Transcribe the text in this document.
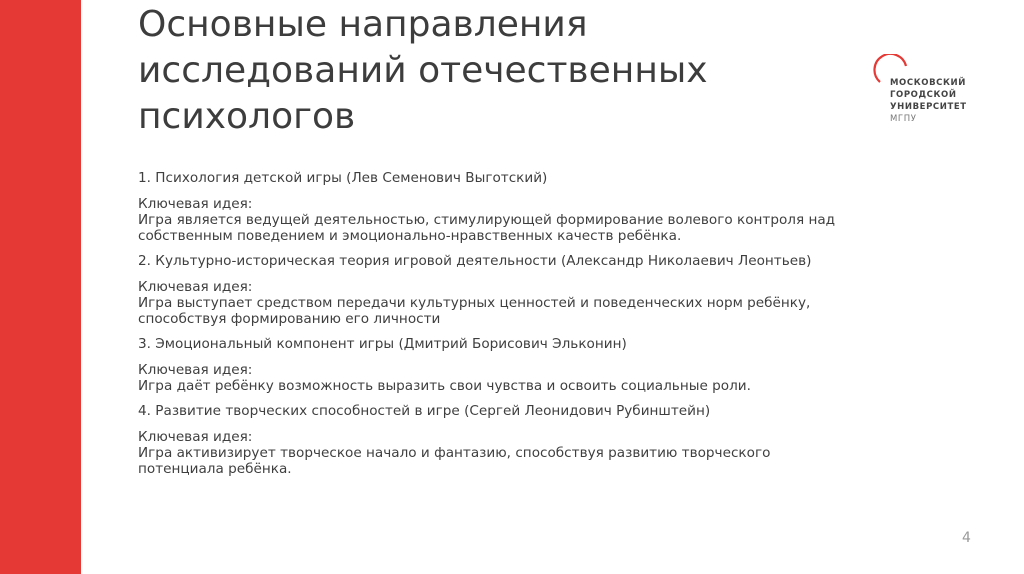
Основные направления
исследований отечественных
психологов
МОСКОВСКИЙ
ГОРОДСКОЙ
УНИВЕРСИТЕТ
МГПУ
1. Психология детской игры (Лев Семенович Выготский)
Ключевая идея:
Игра является ведущей деятельностью, стимулирующей формирование волевого контроля над собственным поведением и эмоционально-нравственных качеств ребёнка.
2. Культурно-историческая теория игровой деятельности (Александр Николаевич Леонтьев)
Ключевая идея:
Игра выступает средством передачи культурных ценностей и поведенческих норм ребёнку, способствуя формированию его личности
3. Эмоциональный компонент игры (Дмитрий Борисович Эльконин)
Ключевая идея:
Игра даёт ребёнку возможность выразить свои чувства и освоить социальные роли.
4. Развитие творческих способностей в игре (Сергей Леонидович Рубинштейн)
Ключевая идея:
Игра активизирует творческое начало и фантазию, способствуя развитию творческого потенциала ребёнка.
4
